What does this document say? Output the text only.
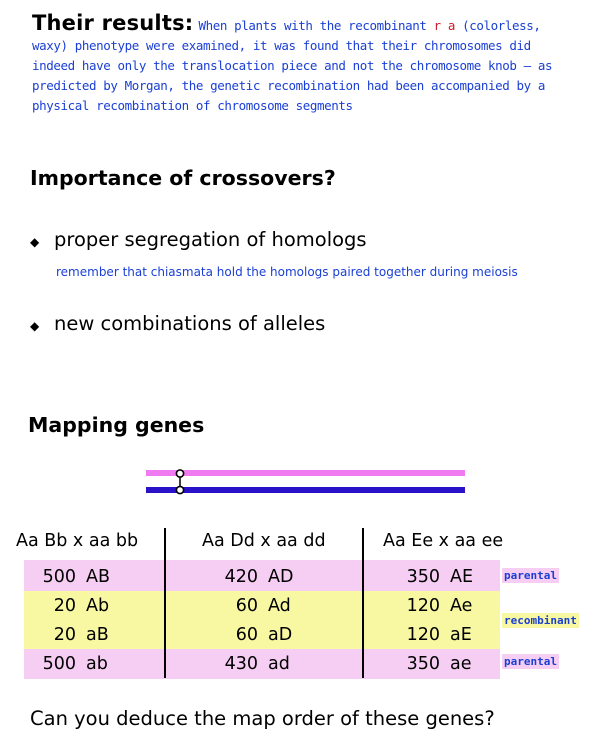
Their results: When plants with the recombinant r a (colorless, waxy) phenotype were examined, it was found that their chromosomes did indeed have only the translocation piece and not the chromosome knob — as predicted by Morgan, the genetic recombination had been accompanied by a physical recombination of chromosome segments
Importance of crossovers?
◆ proper segregation of homologs
remember that chiasmata hold the homologs paired together during meiosis
◆ new combinations of alleles
Mapping genes
Aa Bb x aa bb	Aa Dd x aa dd	Aa Ee x aa ee
500 AB
20 Ab
20 aB
500 ab
420 AD
60 Ad
60 aD
430 ad
350 AE
120 Ae
120 aE
350 ae
parental
recombinant
parental
Can you deduce the map order of these genes?
